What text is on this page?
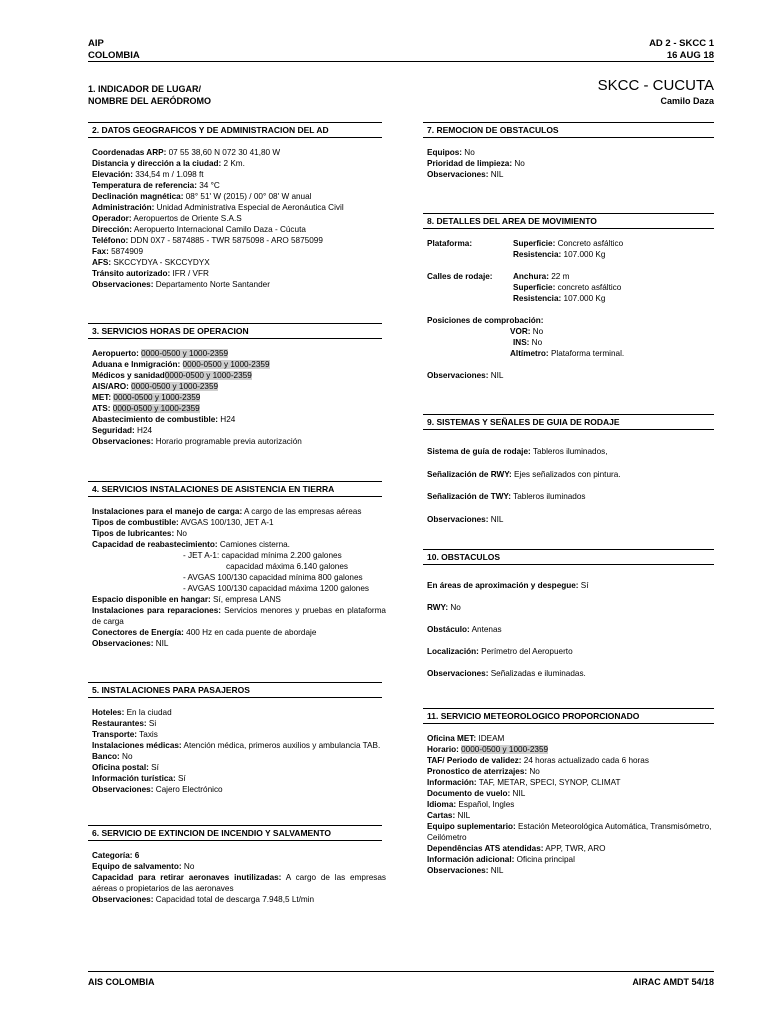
AIP
COLOMBIA
AD 2 - SKCC 1
16 AUG 18
1. INDICADOR DE LUGAR/
NOMBRE DEL AERÓDROMO
SKCC - CUCUTA
Camilo Daza
2. DATOS GEOGRAFICOS Y DE ADMINISTRACION DEL AD
Coordenadas ARP: 07 55 38,60 N 072 30 41,80 W
Distancia y dirección a la ciudad: 2 Km.
Elevación: 334,54 m / 1.098 ft
Temperatura de referencia: 34 °C
Declinación magnética: 08° 51' W (2015) / 00° 08' W anual
Administración: Unidad Administrativa Especial de Aeronáutica Civil
Operador: Aeropuertos de Oriente S.A.S
Dirección: Aeropuerto Internacional Camilo Daza - Cúcuta
Teléfono: DDN 0X7 - 5874885 - TWR 5875098 - ARO 5875099
Fax: 5874909
AFS: SKCCYDYA - SKCCYDYX
Tránsito autorizado: IFR / VFR
Observaciones: Departamento Norte Santander
3. SERVICIOS HORAS DE OPERACION
Aeropuerto: 0000-0500 y 1000-2359
Aduana e Inmigración: 0000-0500 y 1000-2359
Médicos y sanidad0000-0500 y 1000-2359
AIS/ARO: 0000-0500 y 1000-2359
MET: 0000-0500 y 1000-2359
ATS: 0000-0500 y 1000-2359
Abastecimiento de combustible: H24
Seguridad: H24
Observaciones: Horario programable previa autorización
4. SERVICIOS INSTALACIONES DE ASISTENCIA EN TIERRA
Instalaciones para el manejo de carga: A cargo de las empresas aéreas
Tipos de combustible: AVGAS 100/130, JET A-1
Tipos de lubricantes: No
Capacidad de reabastecimiento: Camiones cisterna.
- JET A-1: capacidad mínima 2.200 galones
capacidad máxima 6.140 galones
- AVGAS 100/130 capacidad mínima 800 galones
- AVGAS 100/130 capacidad máxima 1200 galones
Espacio disponible en hangar: Sí, empresa LANS
Instalaciones para reparaciones: Servicios menores y pruebas en plataforma de carga
Conectores de Energía: 400 Hz en cada puente de abordaje
Observaciones: NIL
5. INSTALACIONES PARA PASAJEROS
Hoteles: En la ciudad
Restaurantes: Si
Transporte: Taxis
Instalaciones médicas: Atención médica, primeros auxilios y ambulancia TAB.
Banco: No
Oficina postal: Sí
Información turística: Sí
Observaciones: Cajero Electrónico
6. SERVICIO DE EXTINCION DE INCENDIO Y SALVAMENTO
Categoría: 6
Equipo de salvamento: No
Capacidad para retirar aeronaves inutilizadas: A cargo de las empresas aéreas o propietarios de las aeronaves
Observaciones: Capacidad total de descarga 7.948,5 Lt/min
7. REMOCION DE OBSTACULOS
Equipos: No
Prioridad de limpieza: No
Observaciones: NIL
8. DETALLES DEL AREA DE MOVIMIENTO
Plataforma:	Superficie: Concreto asfáltico
Resistencia: 107.000 Kg
Calles de rodaje: Anchura: 22 m
Superficie: concreto asfáltico
Resistencia: 107.000 Kg
Posiciones de comprobación:
VOR: No
INS: No
Altímetro: Plataforma terminal.
Observaciones: NIL
9. SISTEMAS Y SEÑALES DE GUIA DE RODAJE
Sistema de guía de rodaje: Tableros iluminados,
Señalización de RWY: Ejes señalizados con pintura.
Señalización de TWY: Tableros iluminados
Observaciones: NIL
10. OBSTACULOS
En áreas de aproximación y despegue: Sí
RWY: No
Obstáculo: Antenas
Localización: Perímetro del Aeropuerto
Observaciones: Señalizadas e iluminadas.
11. SERVICIO METEOROLOGICO PROPORCIONADO
Oficina MET: IDEAM
Horario: 0000-0500 y 1000-2359
TAF/ Periodo de validez: 24 horas actualizado cada 6 horas
Pronostico de aterrizajes: No
Información: TAF, METAR, SPECI, SYNOP, CLIMAT
Documento de vuelo: NIL
Idioma: Español, Ingles
Cartas: NIL
Equipo suplementario: Estación Meteorológica Automática, Transmisómetro, Ceilómetro
Dependências ATS atendidas: APP, TWR, ARO
Información adicional: Oficina principal
Observaciones: NIL
AIS COLOMBIA	AIRAC AMDT 54/18
